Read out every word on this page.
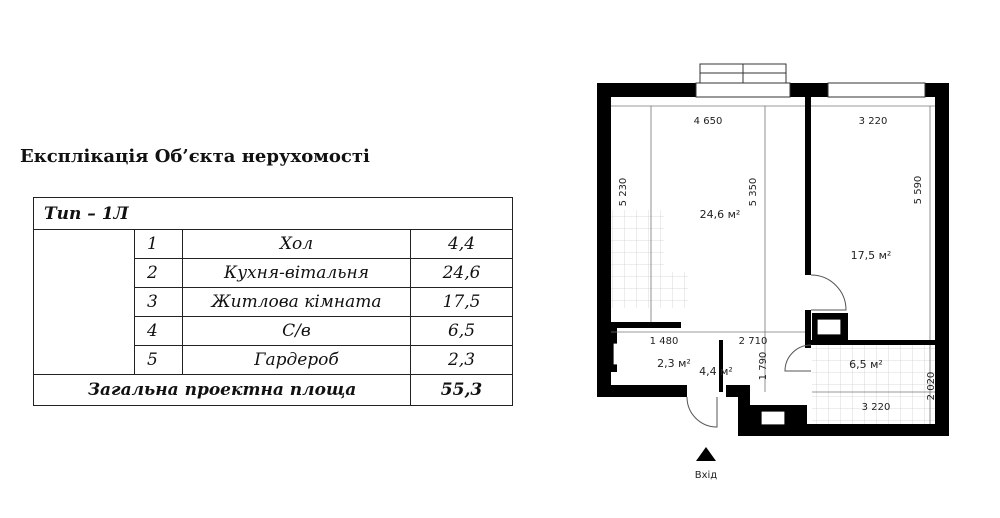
Експлікація Об’єкта нерухомості
Тип – 1Л			
	1	Хол	4,4
	2	Кухня-вітальня	24,6
	3	Житлова кімната	17,5
	4	С/в	6,5
	5	Гардероб	2,3
Загальна проектна площа			55,3
4 650	3 220
5 230	5 350	5 590
1 480	2 710
1 790
3 220
2 020
24,6 м²
17,5 м²
2,3 м²
4,4 м²
6,5 м²
Вхід
